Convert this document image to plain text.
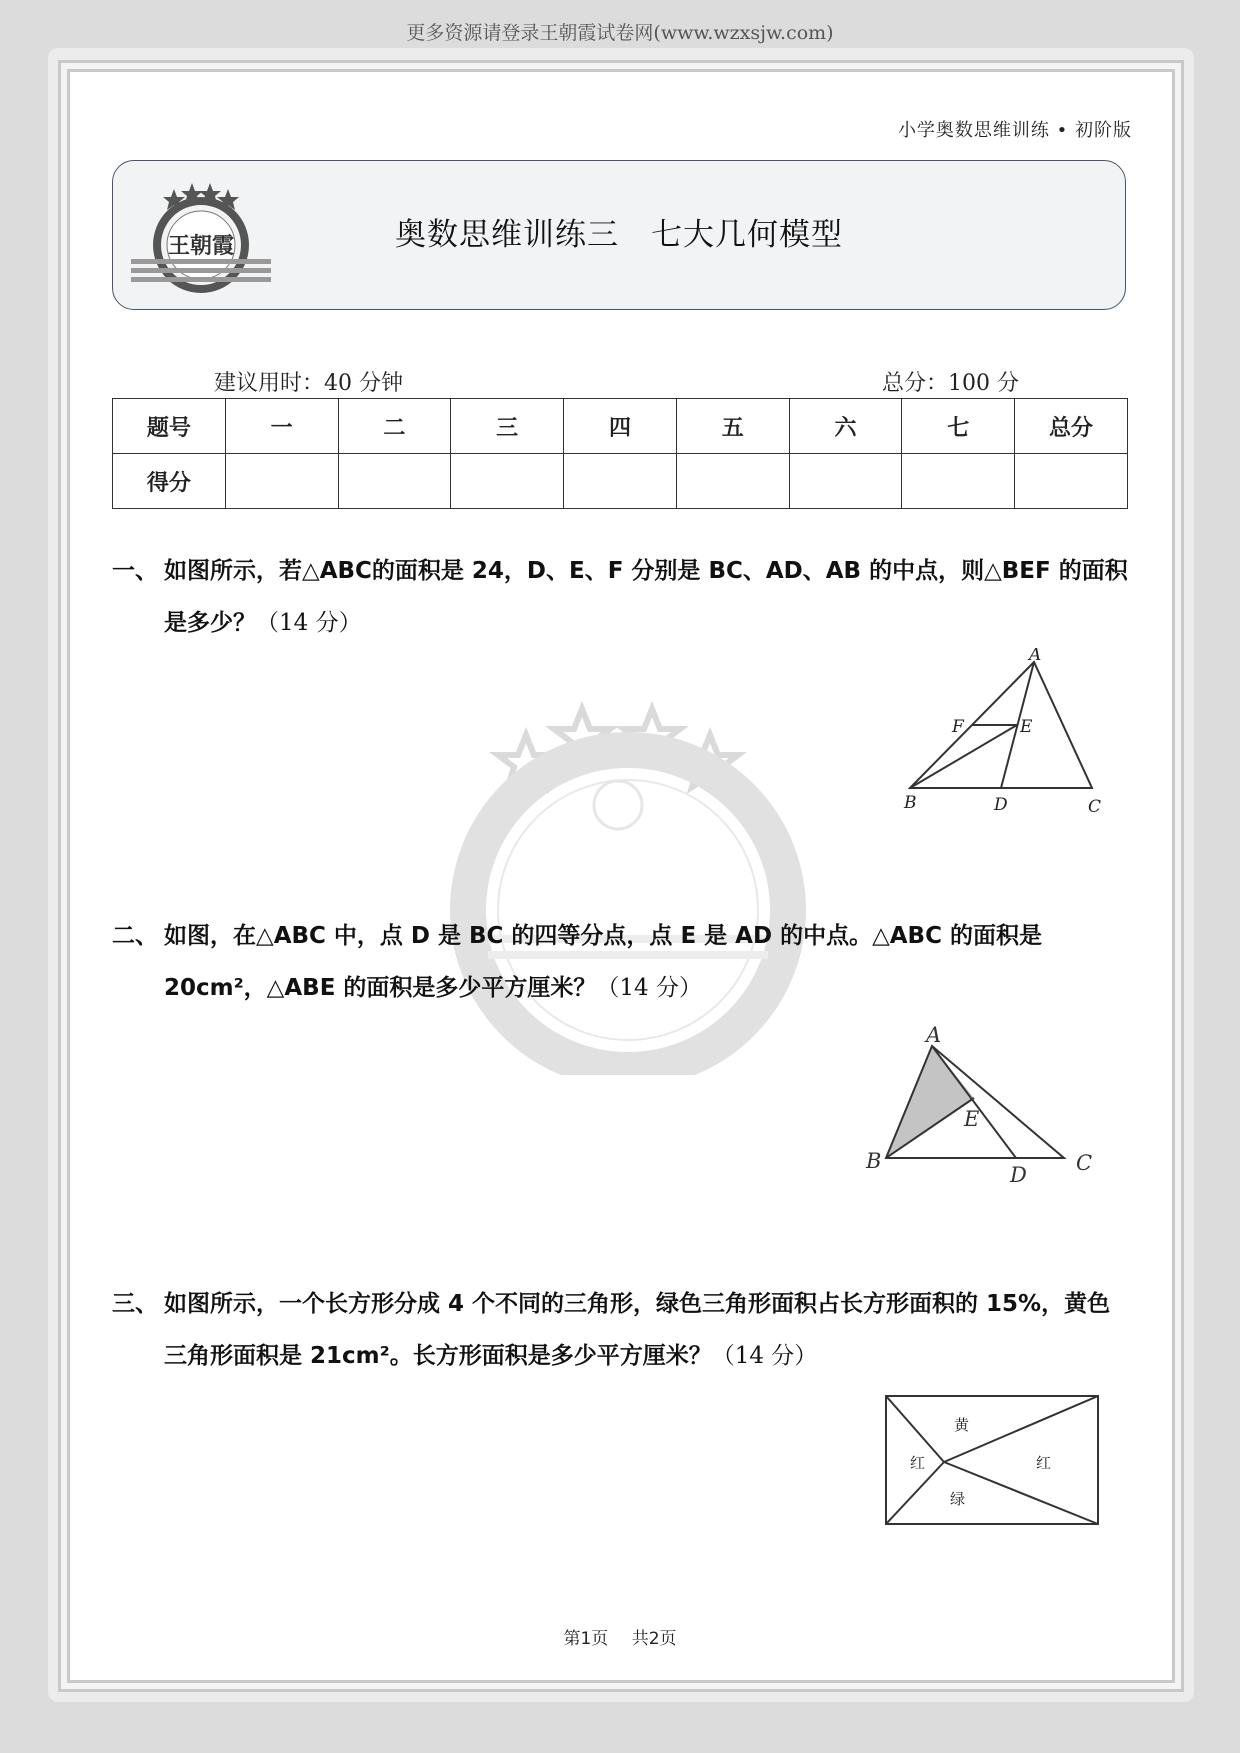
更多资源请登录王朝霞试卷网(www.wzxsjw.com)
小学奥数思维训练 • 初阶版
王朝霞	奥数思维训练三　七大几何模型
建议用时：40 分钟	总分：100 分
题号	一	二	三	四	五	六	七	总分
得分								
一、 如图所示，若△ABC的面积是 24，D、E、F 分别是 BC、AD、AB 的中点，则△BEF 的面积是多少？（14 分）
A
F	E
B	D	C
二、 如图，在△ABC 中，点 D 是 BC 的四等分点，点 E 是 AD 的中点。△ABC 的面积是 20cm²，△ABE 的面积是多少平方厘米？（14 分）
A
E
B
D C
三、 如图所示，一个长方形分成 4 个不同的三角形，绿色三角形面积占长方形面积的 15%，黄色三角形面积是 21cm²。长方形面积是多少平方厘米？（14 分）
黄
红	红
绿
第1页 共2页
